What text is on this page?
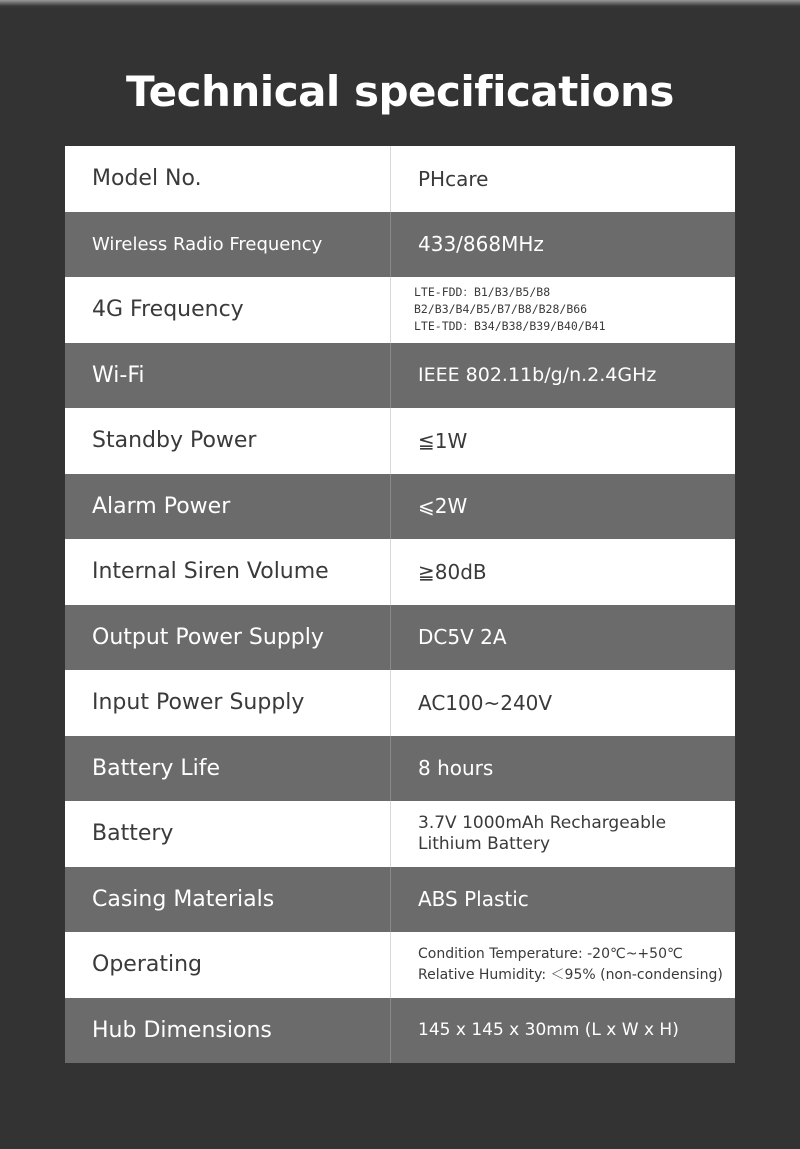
Technical specifications
Model No.	PHcare
Wireless Radio Frequency	433/868MHz
4G Frequency
LTE-FDD：B1/B3/B5/B8
B2/B3/B4/B5/B7/B8/B28/B66
LTE-TDD：B34/B38/B39/B40/B41
Wi-Fi	IEEE 802.11b/g/n.2.4GHz
Standby Power	≦1W
Alarm Power	⩽2W
Internal Siren Volume	≧80dB
Output Power Supply	DC5V 2A
Input Power Supply	AC100~240V
Battery Life	8 hours
Battery	3.7V 1000mAh Rechargeable
Lithium Battery
Casing Materials	ABS Plastic
Operating	Condition Temperature: -20℃~+50℃
Relative Humidity: ＜95% (non-condensing)
Hub Dimensions	145 x 145 x 30mm (L x W x H)
